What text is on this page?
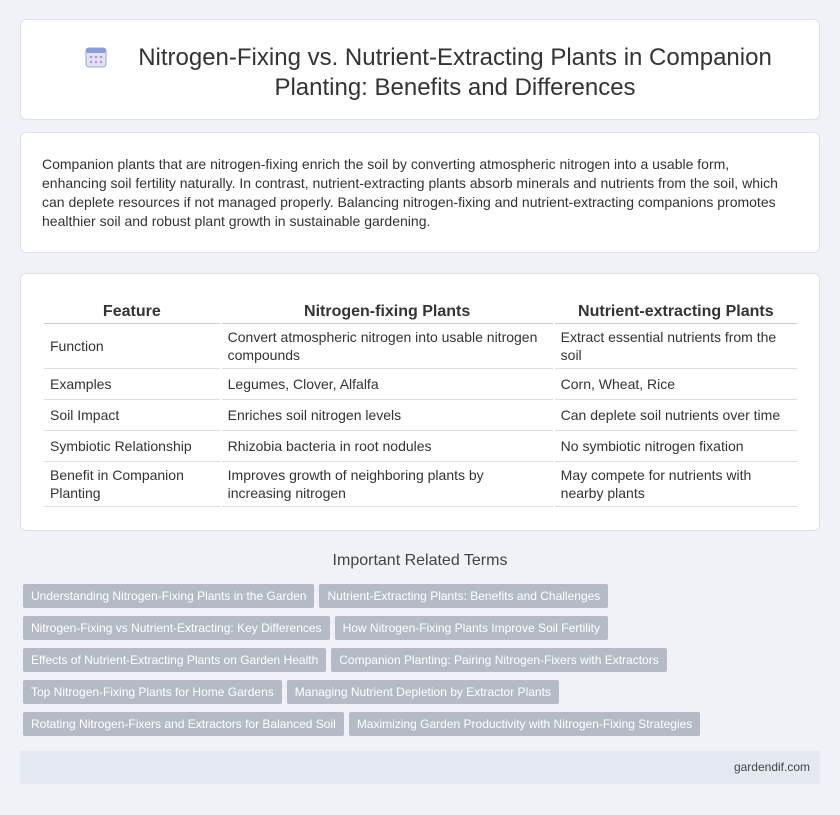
Nitrogen-Fixing vs. Nutrient-Extracting Plants in Companion Planting: Benefits and Differences

Companion plants that are nitrogen-fixing enrich the soil by converting atmospheric nitrogen into a usable form, enhancing soil fertility naturally. In contrast, nutrient-extracting plants absorb minerals and nutrients from the soil, which can deplete resources if not managed properly. Balancing nitrogen-fixing and nutrient-extracting companions promotes healthier soil and robust plant growth in sustainable gardening.

Feature	Nitrogen-fixing Plants	Nutrient-extracting Plants
Function	Convert atmospheric nitrogen into usable nitrogen compounds	Extract essential nutrients from the soil
Examples	Legumes, Clover, Alfalfa	Corn, Wheat, Rice
Soil Impact	Enriches soil nitrogen levels	Can deplete soil nutrients over time
Symbiotic Relationship	Rhizobia bacteria in root nodules	No symbiotic nitrogen fixation
Benefit in Companion Planting	Improves growth of neighboring plants by increasing nitrogen	May compete for nutrients with nearby plants
Important Related Terms
Understanding Nitrogen-Fixing Plants in the Garden Nutrient-Extracting Plants: Benefits and Challenges
Nitrogen-Fixing vs Nutrient-Extracting: Key Differences How Nitrogen-Fixing Plants Improve Soil Fertility
Effects of Nutrient-Extracting Plants on Garden Health Companion Planting: Pairing Nitrogen-Fixers with Extractors
Top Nitrogen-Fixing Plants for Home Gardens Managing Nutrient Depletion by Extractor Plants
Rotating Nitrogen-Fixers and Extractors for Balanced Soil Maximizing Garden Productivity with Nitrogen-Fixing Strategies
gardendif.com
